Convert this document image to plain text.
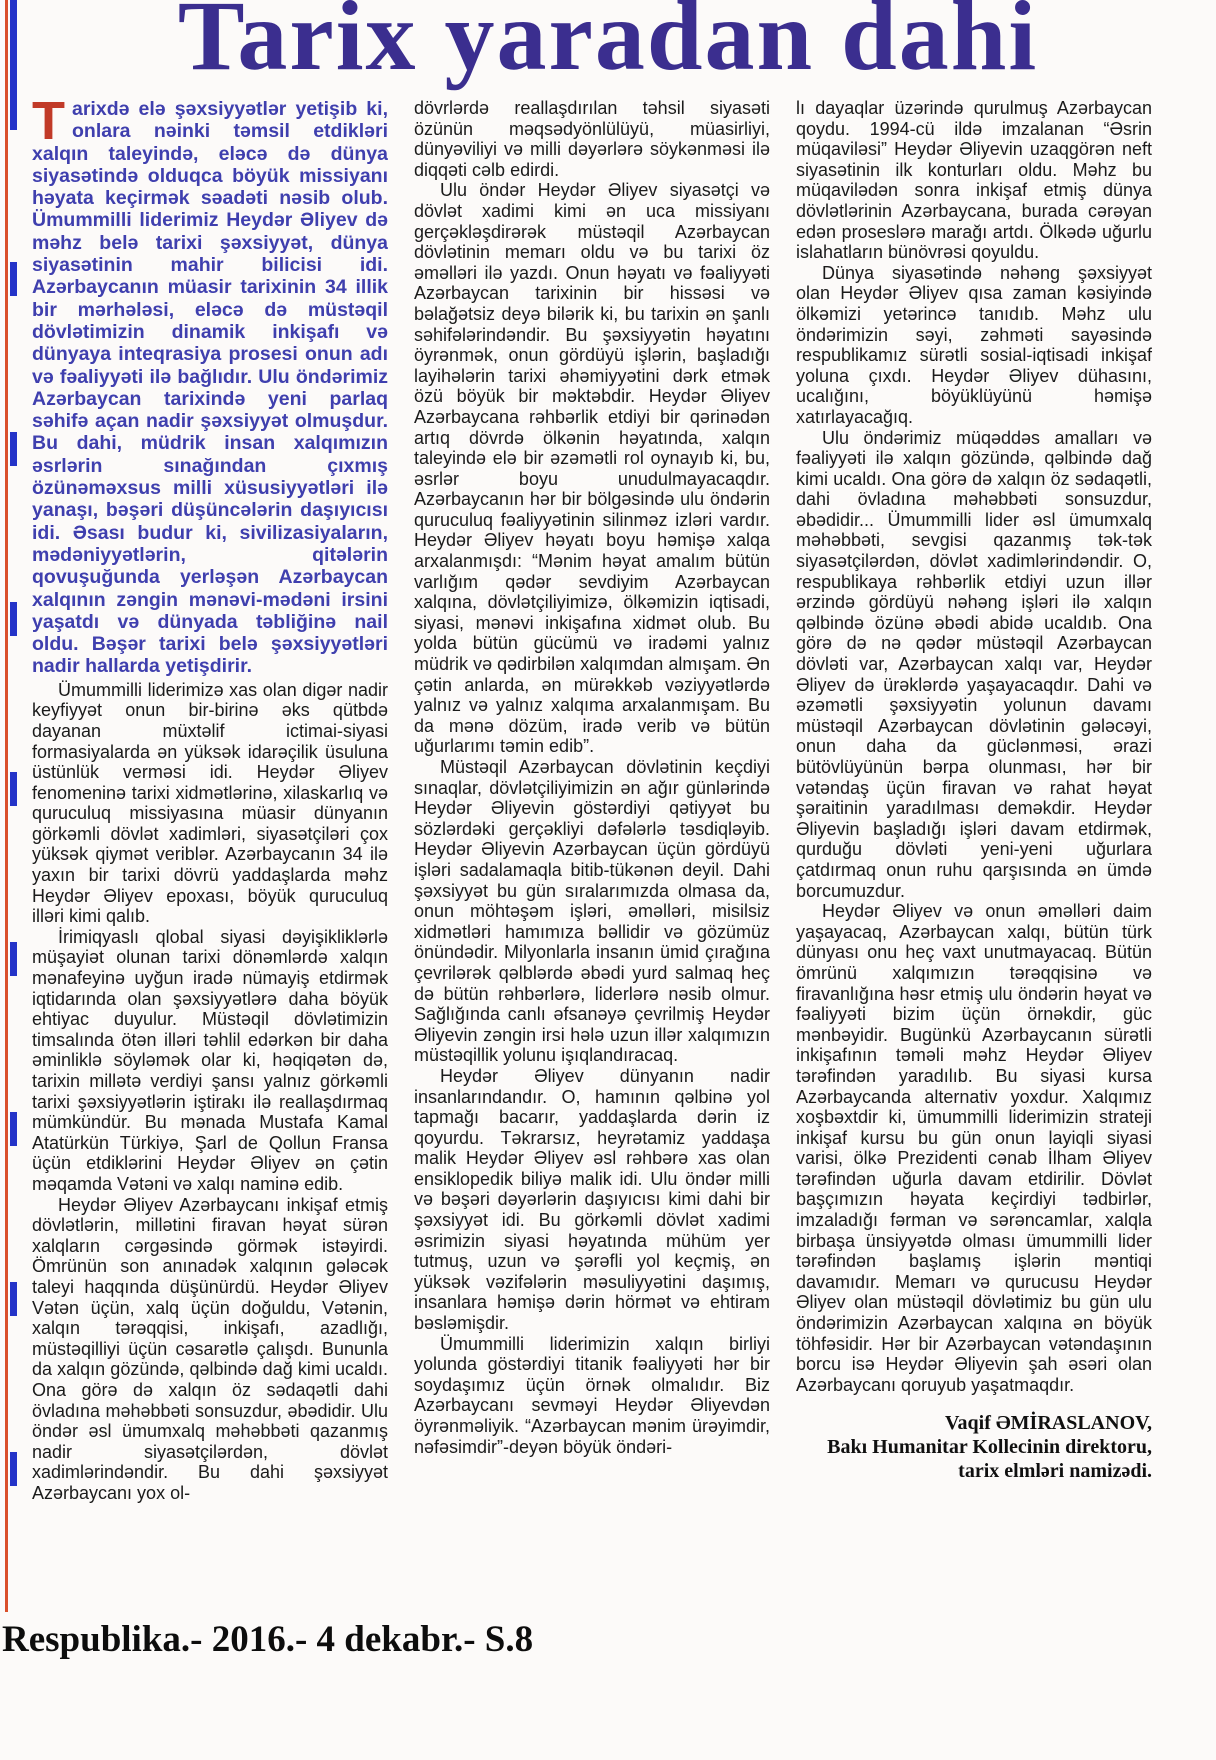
Tarix yaradan dahi

Tarixdə elə şəxsiyyətlər yetişib ki, onlara nəinki təmsil etdikləri xalqın taleyində, eləcə də dünya siyasətində olduqca böyük missiyanı həyata keçirmək səadəti nəsib olub. Ümummilli liderimiz Heydər Əliyev də məhz belə tarixi şəxsiyyət, dünya siyasətinin mahir bilicisi idi. Azərbaycanın müasir tarixinin 34 illik bir mərhələsi, eləcə də müstəqil dövlətimizin dinamik inkişafı və dünyaya inteqrasiya prosesi onun adı və fəaliyyəti ilə bağlıdır. Ulu öndərimiz Azərbaycan tarixində yeni parlaq səhifə açan nadir şəxsiyyət olmuşdur. Bu dahi, müdrik insan xalqımızın əsrlərin sınağından çıxmış özünəməxsus milli xüsusiyyətləri ilə yanaşı, bəşəri düşüncələrin daşıyıcısı idi. Əsası budur ki, sivilizasiyaların, mədəniyyətlərin, qitələrin qovuşuğunda yerləşən Azərbaycan xalqının zəngin mənəvi-mədəni irsini yaşatdı və dünyada təbliğinə nail oldu. Bəşər tarixi belə şəxsiyyətləri nadir hallarda yetişdirir.

Ümummilli liderimizə xas olan digər nadir keyfiyyət onun bir-birinə əks qütbdə dayanan müxtəlif ictimai-siyasi formasiyalarda ən yüksək idarəçilik üsuluna üstünlük verməsi idi. Heydər Əliyev fenomeninə tarixi xidmətlərinə, xilaskarlıq və quruculuq missiyasına müasir dünyanın görkəmli dövlət xadimləri, siyasətçiləri çox yüksək qiymət veriblər. Azərbaycanın 34 ilə yaxın bir tarixi dövrü yaddaşlarda məhz Heydər Əliyev epoxası, böyük quruculuq illəri kimi qalıb.

İrimiqyaslı qlobal siyasi dəyişikliklərlə müşayiət olunan tarixi dönəmlərdə xalqın mənafeyinə uyğun iradə nümayiş etdirmək iqtidarında olan şəxsiyyətlərə daha böyük ehtiyac duyulur. Müstəqil dövlətimizin timsalında ötən illəri təhlil edərkən bir daha əminliklə söyləmək olar ki, həqiqətən də, tarixin millətə verdiyi şansı yalnız görkəmli tarixi şəxsiyyətlərin iştirakı ilə reallaşdırmaq mümkündür. Bu mənada Mustafa Kamal Atatürkün Türkiyə, Şarl de Qollun Fransa üçün etdiklərini Heydər Əliyev ən çətin məqamda Vətəni və xalqı naminə edib.

Heydər Əliyev Azərbaycanı inkişaf etmiş dövlətlərin, millətini firavan həyat sürən xalqların cərgəsində görmək istəyirdi. Ömrünün son anınadək xalqının gələcək taleyi haqqında düşünürdü. Heydər Əliyev Vətən üçün, xalq üçün doğuldu, Vətənin, xalqın tərəqqisi, inkişafı, azadlığı, müstəqilliyi üçün cəsarətlə çalışdı. Bununla da xalqın gözündə, qəlbində dağ kimi ucaldı. Ona görə də xalqın öz sədaqətli dahi övladına məhəbbəti sonsuzdur, əbədidir. Ulu öndər əsl ümumxalq məhəbbəti qazanmış nadir siyasətçilərdən, dövlət xadimlərindəndir. Bu dahi şəxsiyyət Azərbaycanı yox ol-

dövrlərdə reallaşdırılan təhsil siyasəti özünün məqsədyönlülüyü, müasirliyi, dünyəviliyi və milli dəyərlərə söykənməsi ilə diqqəti cəlb edirdi.

Ulu öndər Heydər Əliyev siyasətçi və dövlət xadimi kimi ən uca missiyanı gerçəkləşdirərək müstəqil Azərbaycan dövlətinin memarı oldu və bu tarixi öz əməlləri ilə yazdı. Onun həyatı və fəaliyyəti Azərbaycan tarixinin bir hissəsi və bəlağətsiz deyə bilərik ki, bu tarixin ən şanlı səhifələrindəndir. Bu şəxsiyyətin həyatını öyrənmək, onun gördüyü işlərin, başladığı layihələrin tarixi əhəmiyyətini dərk etmək özü böyük bir məktəbdir. Heydər Əliyev Azərbaycana rəhbərlik etdiyi bir qərinədən artıq dövrdə ölkənin həyatında, xalqın taleyində elə bir əzəmətli rol oynayıb ki, bu, əsrlər boyu unudulmayacaqdır. Azərbaycanın hər bir bölgəsində ulu öndərin quruculuq fəaliyyətinin silinməz izləri vardır. Heydər Əliyev həyatı boyu həmişə xalqa arxalanmışdı: “Mənim həyat amalım bütün varlığım qədər sevdiyim Azərbaycan xalqına, dövlətçiliyimizə, ölkəmizin iqtisadi, siyasi, mənəvi inkişafına xidmət olub. Bu yolda bütün gücümü və iradəmi yalnız müdrik və qədirbilən xalqımdan almışam. Ən çətin anlarda, ən mürəkkəb vəziyyətlərdə yalnız və yalnız xalqıma arxalanmışam. Bu da mənə dözüm, iradə verib və bütün uğurlarımı təmin edib”.

Müstəqil Azərbaycan dövlətinin keçdiyi sınaqlar, dövlətçiliyimizin ən ağır günlərində Heydər Əliyevin göstərdiyi qətiyyət bu sözlərdəki gerçəkliyi dəfələrlə təsdiqləyib. Heydər Əliyevin Azərbaycan üçün gördüyü işləri sadalamaqla bitib-tükənən deyil. Dahi şəxsiyyət bu gün sıralarımızda olmasa da, onun möhtəşəm işləri, əməlləri, misilsiz xidmətləri hamımıza bəllidir və gözümüz önündədir. Milyonlarla insanın ümid çırağına çevrilərək qəlblərdə əbədi yurd salmaq heç də bütün rəhbərlərə, liderlərə nəsib olmur. Sağlığında canlı əfsanəyə çevrilmiş Heydər Əliyevin zəngin irsi hələ uzun illər xalqımızın müstəqillik yolunu işıqlandıracaq.

Heydər Əliyev dünyanın nadir insanlarındandır. O, hamının qəlbinə yol tapmağı bacarır, yaddaşlarda dərin iz qoyurdu. Təkrarsız, heyrətamiz yaddaşa malik Heydər Əliyev əsl rəhbərə xas olan ensiklopedik biliyə malik idi. Ulu öndər milli və bəşəri dəyərlərin daşıyıcısı kimi dahi bir şəxsiyyət idi. Bu görkəmli dövlət xadimi əsrimizin siyasi həyatında mühüm yer tutmuş, uzun və şərəfli yol keçmiş, ən yüksək vəzifələrin məsuliyyətini daşımış, insanlara həmişə dərin hörmət və ehtiram bəsləmişdir.

Ümummilli liderimizin xalqın birliyi yolunda göstərdiyi titanik fəaliyyəti hər bir soydaşımız üçün örnək olmalıdır. Biz Azərbaycanı sevməyi Heydər Əliyevdən öyrənməliyik. “Azərbaycan mənim ürəyimdir, nəfəsimdir”-deyən böyük öndəri-

lı dayaqlar üzərində qurulmuş Azərbaycan qoydu. 1994-cü ildə imzalanan “Əsrin müqaviləsi” Heydər Əliyevin uzaqgörən neft siyasətinin ilk konturları oldu. Məhz bu müqavilədən sonra inkişaf etmiş dünya dövlətlərinin Azərbaycana, burada cərəyan edən proseslərə marağı artdı. Ölkədə uğurlu islahatların bünövrəsi qoyuldu.

Dünya siyasətində nəhəng şəxsiyyət olan Heydər Əliyev qısa zaman kəsiyində ölkəmizi yetərincə tanıdıb. Məhz ulu öndərimizin səyi, zəhməti sayəsində respublikamız sürətli sosial-iqtisadi inkişaf yoluna çıxdı. Heydər Əliyev dühasını, ucalığını, böyüklüyünü həmişə xatırlayacağıq.

Ulu öndərimiz müqəddəs amalları və fəaliyyəti ilə xalqın gözündə, qəlbində dağ kimi ucaldı. Ona görə də xalqın öz sədaqətli, dahi övladına məhəbbəti sonsuzdur, əbədidir... Ümummilli lider əsl ümumxalq məhəbbəti, sevgisi qazanmış tək-tək siyasətçilərdən, dövlət xadimlərindəndir. O, respublikaya rəhbərlik etdiyi uzun illər ərzində gördüyü nəhəng işləri ilə xalqın qəlbində özünə əbədi abidə ucaldıb. Ona görə də nə qədər müstəqil Azərbaycan dövləti var, Azərbaycan xalqı var, Heydər Əliyev də ürəklərdə yaşayacaqdır. Dahi və əzəmətli şəxsiyyətin yolunun davamı müstəqil Azərbaycan dövlətinin gələcəyi, onun daha da güclənməsi, ərazi bütövlüyünün bərpa olunması, hər bir vətəndaş üçün firavan və rahat həyat şəraitinin yaradılması deməkdir. Heydər Əliyevin başladığı işləri davam etdirmək, qurduğu dövləti yeni-yeni uğurlara çatdırmaq onun ruhu qarşısında ən ümdə borcumuzdur.

Heydər Əliyev və onun əməlləri daim yaşayacaq, Azərbaycan xalqı, bütün türk dünyası onu heç vaxt unutmayacaq. Bütün ömrünü xalqımızın tərəqqisinə və firavanlığına həsr etmiş ulu öndərin həyat və fəaliyyəti bizim üçün örnəkdir, güc mənbəyidir. Bugünkü Azərbaycanın sürətli inkişafının təməli məhz Heydər Əliyev tərəfindən yaradılıb. Bu siyasi kursa Azərbaycanda alternativ yoxdur. Xalqımız xoşbəxtdir ki, ümummilli liderimizin strateji inkişaf kursu bu gün onun layiqli siyasi varisi, ölkə Prezidenti cənab İlham Əliyev tərəfindən uğurla davam etdirilir. Dövlət başçımızın həyata keçirdiyi tədbirlər, imzaladığı fərman və sərəncamlar, xalqla birbaşa ünsiyyətdə olması ümummilli lider tərəfindən başlamış işlərin məntiqi davamıdır. Memarı və qurucusu Heydər Əliyev olan müstəqil dövlətimiz bu gün ulu öndərimizin Azərbaycan xalqına ən böyük töhfəsidir. Hər bir Azərbaycan vətəndaşının borcu isə Heydər Əliyevin şah əsəri olan Azərbaycanı qoruyub yaşatmaqdır.

Vaqif ƏMİRASLANOV,
Bakı Humanitar Kollecinin direktoru,
tarix elmləri namizədi.

Respublika.- 2016.- 4 dekabr.- S.8
